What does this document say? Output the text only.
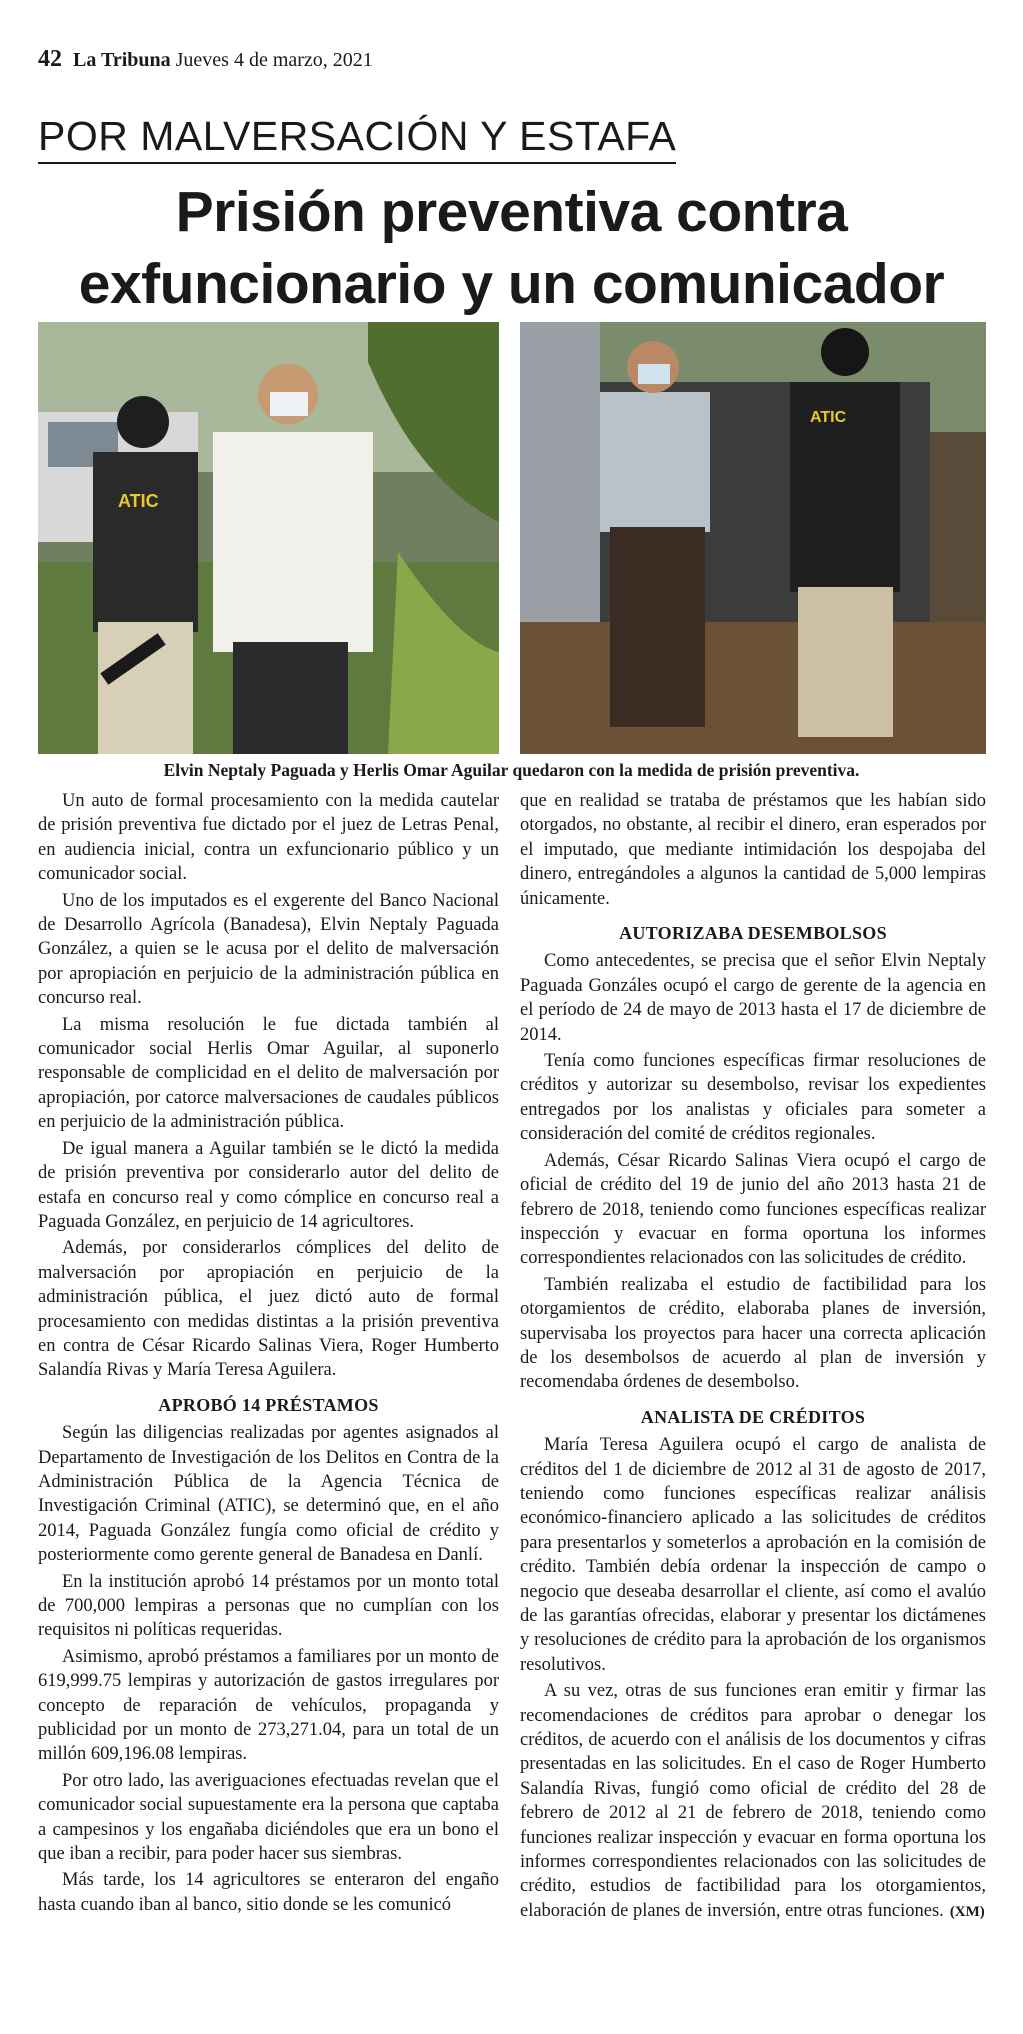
42 La Tribuna Jueves 4 de marzo, 2021
POR MALVERSACIÓN Y ESTAFA
Prisión preventiva contra
exfuncionario y un comunicador
ATIC
ATIC
Elvin Neptaly Paguada y Herlis Omar Aguilar quedaron con la medida de prisión preventiva.

Un auto de formal procesamiento con la medida cautelar de prisión preventiva fue dictado por el juez de Letras Penal, en audiencia inicial, contra un exfuncionario público y un comunicador social.

Uno de los imputados es el exgerente del Banco Nacional de Desarrollo Agrícola (Banadesa), Elvin Neptaly Paguada González, a quien se le acusa por el delito de malversación por apropiación en perjuicio de la administración pública en concurso real.

La misma resolución le fue dictada también al comunicador social Herlis Omar Aguilar, al suponerlo responsable de complicidad en el delito de malversación por apropiación, por catorce malversaciones de caudales públicos en perjuicio de la administración pública.

De igual manera a Aguilar también se le dictó la medida de prisión preventiva por considerarlo autor del delito de estafa en concurso real y como cómplice en concurso real a Paguada González, en perjuicio de 14 agricultores.

Además, por considerarlos cómplices del delito de malversación por apropiación en perjuicio de la administración pública, el juez dictó auto de formal procesamiento con medidas distintas a la prisión preventiva en contra de César Ricardo Salinas Viera, Roger Humberto Salandía Rivas y María Teresa Aguilera.

APROBÓ 14 PRÉSTAMOS

Según las diligencias realizadas por agentes asignados al Departamento de Investigación de los Delitos en Contra de la Administración Pública de la Agencia Técnica de Investigación Criminal (ATIC), se determinó que, en el año 2014, Paguada González fungía como oficial de crédito y posteriormente como gerente general de Banadesa en Danlí.

En la institución aprobó 14 préstamos por un monto total de 700,000 lempiras a personas que no cumplían con los requisitos ni políticas requeridas.

Asimismo, aprobó préstamos a familiares por un monto de 619,999.75 lempiras y autorización de gastos irregulares por concepto de reparación de vehículos, propaganda y publicidad por un monto de 273,271.04, para un total de un millón 609,196.08 lempiras.

Por otro lado, las averiguaciones efectuadas revelan que el comunicador social supuestamente era la persona que captaba a campesinos y los engañaba diciéndoles que era un bono el que iban a recibir, para poder hacer sus siembras.

Más tarde, los 14 agricultores se enteraron del engaño hasta cuando iban al banco, sitio donde se les comunicó

que en realidad se trataba de préstamos que les habían sido otorgados, no obstante, al recibir el dinero, eran esperados por el imputado, que mediante intimidación los despojaba del dinero, entregándoles a algunos la cantidad de 5,000 lempiras únicamente.

AUTORIZABA DESEMBOLSOS

Como antecedentes, se precisa que el señor Elvin Neptaly Paguada Gonzáles ocupó el cargo de gerente de la agencia en el período de 24 de mayo de 2013 hasta el 17 de diciembre de 2014.

Tenía como funciones específicas firmar resoluciones de créditos y autorizar su desembolso, revisar los expedientes entregados por los analistas y oficiales para someter a consideración del comité de créditos regionales.

Además, César Ricardo Salinas Viera ocupó el cargo de oficial de crédito del 19 de junio del año 2013 hasta 21 de febrero de 2018, teniendo como funciones específicas realizar inspección y evacuar en forma oportuna los informes correspondientes relacionados con las solicitudes de crédito.

También realizaba el estudio de factibilidad para los otorgamientos de crédito, elaboraba planes de inversión, supervisaba los proyectos para hacer una correcta aplicación de los desembolsos de acuerdo al plan de inversión y recomendaba órdenes de desembolso.

ANALISTA DE CRÉDITOS

María Teresa Aguilera ocupó el cargo de analista de créditos del 1 de diciembre de 2012 al 31 de agosto de 2017, teniendo como funciones específicas realizar análisis económico-financiero aplicado a las solicitudes de créditos para presentarlos y someterlos a aprobación en la comisión de crédito. También debía ordenar la inspección de campo o negocio que deseaba desarrollar el cliente, así como el avalúo de las garantías ofrecidas, elaborar y presentar los dictámenes y resoluciones de crédito para la aprobación de los organismos resolutivos.

A su vez, otras de sus funciones eran emitir y firmar las recomendaciones de créditos para aprobar o denegar los créditos, de acuerdo con el análisis de los documentos y cifras presentadas en las solicitudes. En el caso de Roger Humberto Salandía Rivas, fungió como oficial de crédito del 28 de febrero de 2012 al 21 de febrero de 2018, teniendo como funciones realizar inspección y evacuar en forma oportuna los informes correspondientes relacionados con las solicitudes de crédito, estudios de factibilidad para los otorgamientos, elaboración de planes de inversión, entre otras funciones. (XM)
